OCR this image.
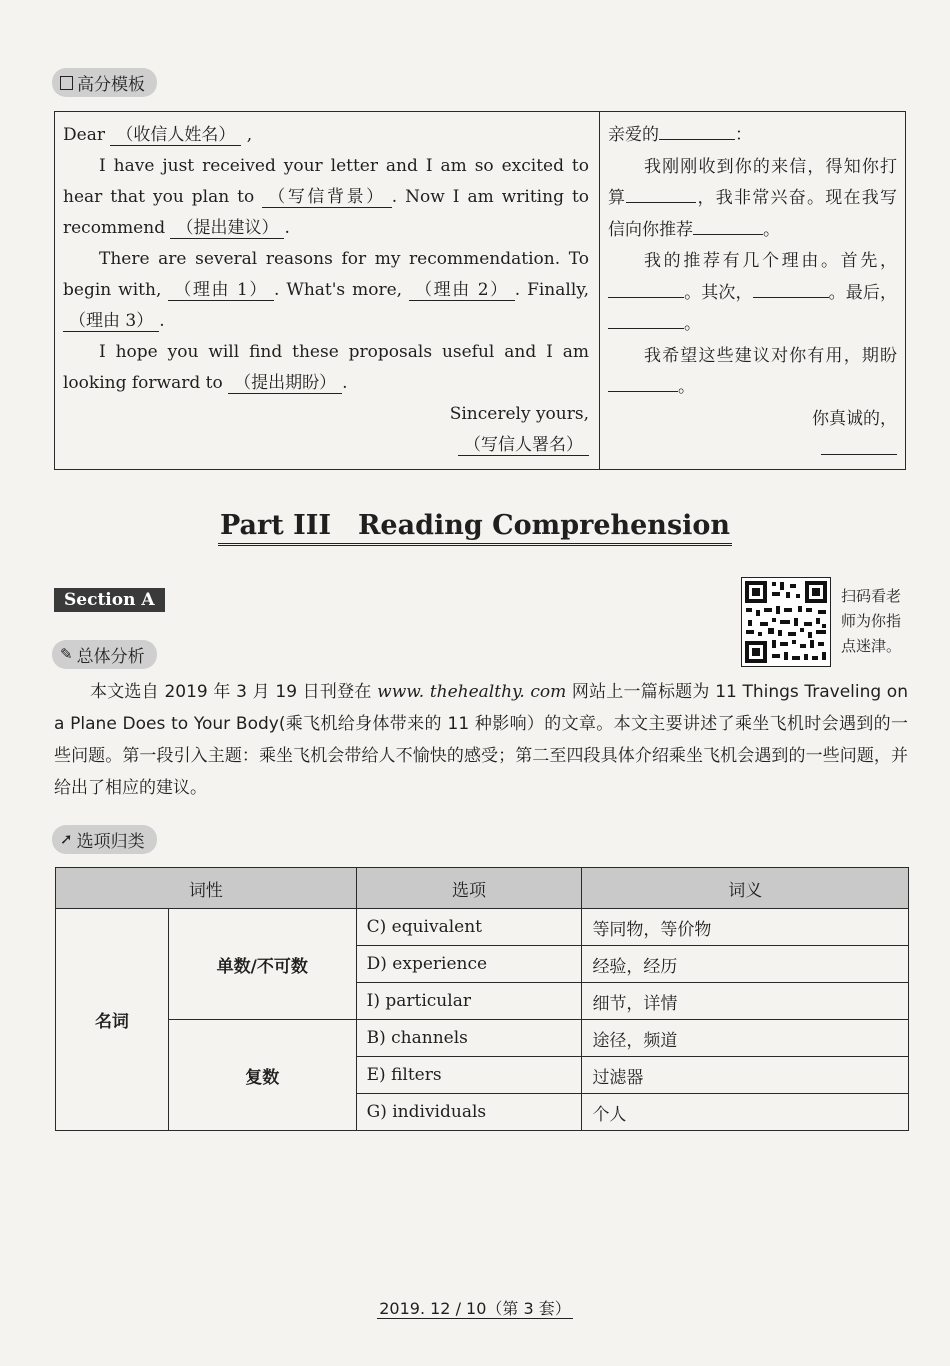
高分模板
Dear （收信人姓名） ,
I have just received your letter and I am so excited to hear that you plan to （写信背景） . Now I am writing to recommend （提出建议） .
There are several reasons for my recommendation. To begin with, （理由 1） . What's more, （理由 2） . Finally, （理由 3） .
I hope you will find these proposals useful and I am looking forward to （提出期盼） .
Sincerely yours,
（写信人署名）
亲爱的	：
我刚刚收到你的来信，得知你打算	，我非常兴奋。现在我写信向你推荐	。
我的推荐有几个理由。首先，。其次，	。最后，。
我希望这些建议对你有用，期盼。
你真诚的，
Part III　Reading Comprehension
Section A	扫码看老师为你指点迷津。
✎ 总体分析
本文选自 2019 年 3 月 19 日刊登在 www. thehealthy. com 网站上一篇标题为 11 Things Traveling on a Plane Does to Your Body(乘飞机给身体带来的 11 种影响）的文章。本文主要讲述了乘坐飞机时会遇到的一些问题。第一段引入主题：乘坐飞机会带给人不愉快的感受；第二至四段具体介绍乘坐飞机会遇到的一些问题，并给出了相应的建议。
➚ 选项归类
词性		选项	词义
名词	单数/不可数	C) equivalent	等同物，等价物
		D) experience	经验，经历
		I) particular	细节，详情
	复数	B) channels	途径，频道
		E) filters	过滤器
		G) individuals	个人
2019. 12 / 10（第 3 套）
